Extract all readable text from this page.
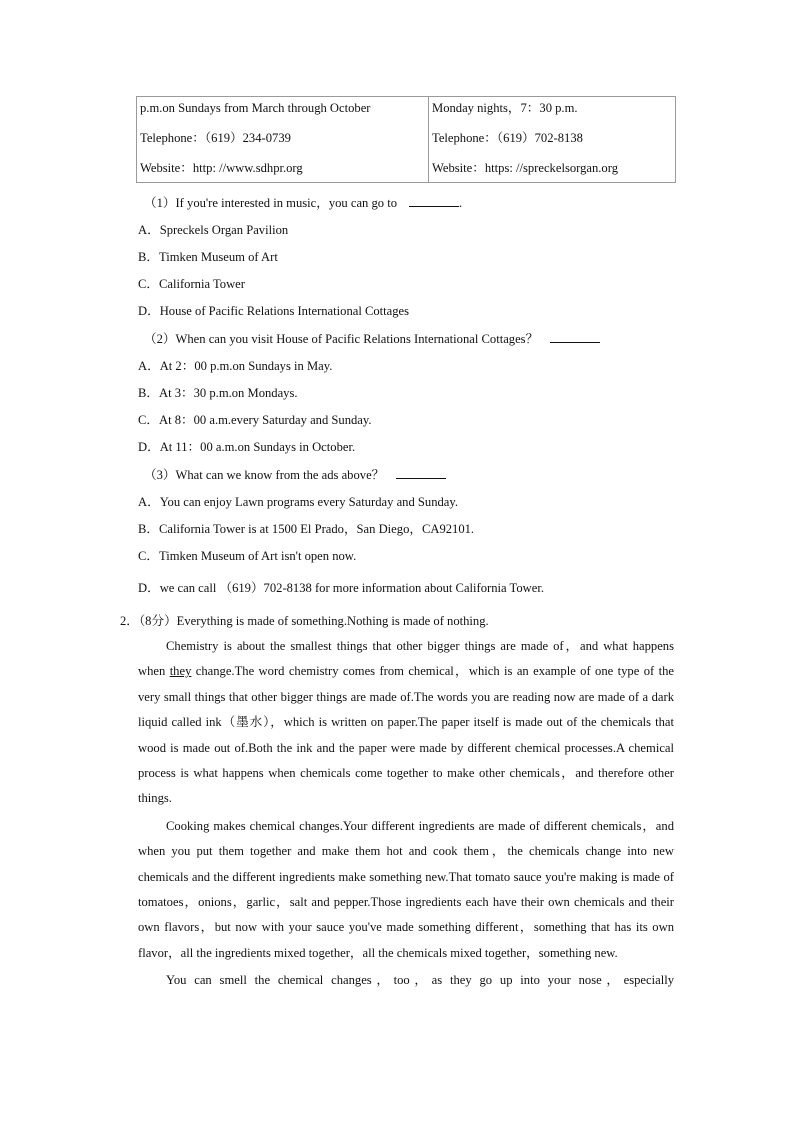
p.m.on Sundays from March through October
Telephone：（619）234-0739
Website：http: //www.sdhpr.org

Monday nights，7：30 p.m.
Telephone：（619）702-8138
Website：https: //spreckelsorgan.org
（1）If you're interested in music，you can go to	.
A．Spreckels Organ Pavilion
B．Timken Museum of Art
C．California Tower
D．House of Pacific Relations International Cottages
（2）When can you visit House of Pacific Relations International Cottages？
A．At 2：00 p.m.on Sundays in May.
B．At 3：30 p.m.on Mondays.
C．At 8：00 a.m.every Saturday and Sunday.
D．At 11：00 a.m.on Sundays in October.
（3）What can we know from the ads above？
A．You can enjoy Lawn programs every Saturday and Sunday.
B．California Tower is at 1500 El Prado，San Diego，CA92101.
C．Timken Museum of Art isn't open now.
D．we can call （619）702-8138 for more information about California Tower.
2．（8分）Everything is made of something.Nothing is made of nothing.

Chemistry is about the smallest things that other bigger things are made of，and what happens when they change.The word chemistry comes from chemical，which is an example of one type of the very small things that other bigger things are made of.The words you are reading now are made of a dark liquid called ink（墨水），which is written on paper.The paper itself is made out of the chemicals that wood is made out of.Both the ink and the paper were made by different chemical processes.A chemical process is what happens when chemicals come together to make other chemicals，and therefore other things.

Cooking makes chemical changes.Your different ingredients are made of different chemicals，and when you put them together and make them hot and cook them，the chemicals change into new chemicals and the different ingredients make something new.That tomato sauce you're making is made of tomatoes，onions，garlic，salt and pepper.Those ingredients each have their own chemicals and their own flavors，but now with your sauce you've made something different，something that has its own flavor，all the ingredients mixed together，all the chemicals mixed together，something new.

You can smell the chemical changes，too，as they go up into your nose，especially
